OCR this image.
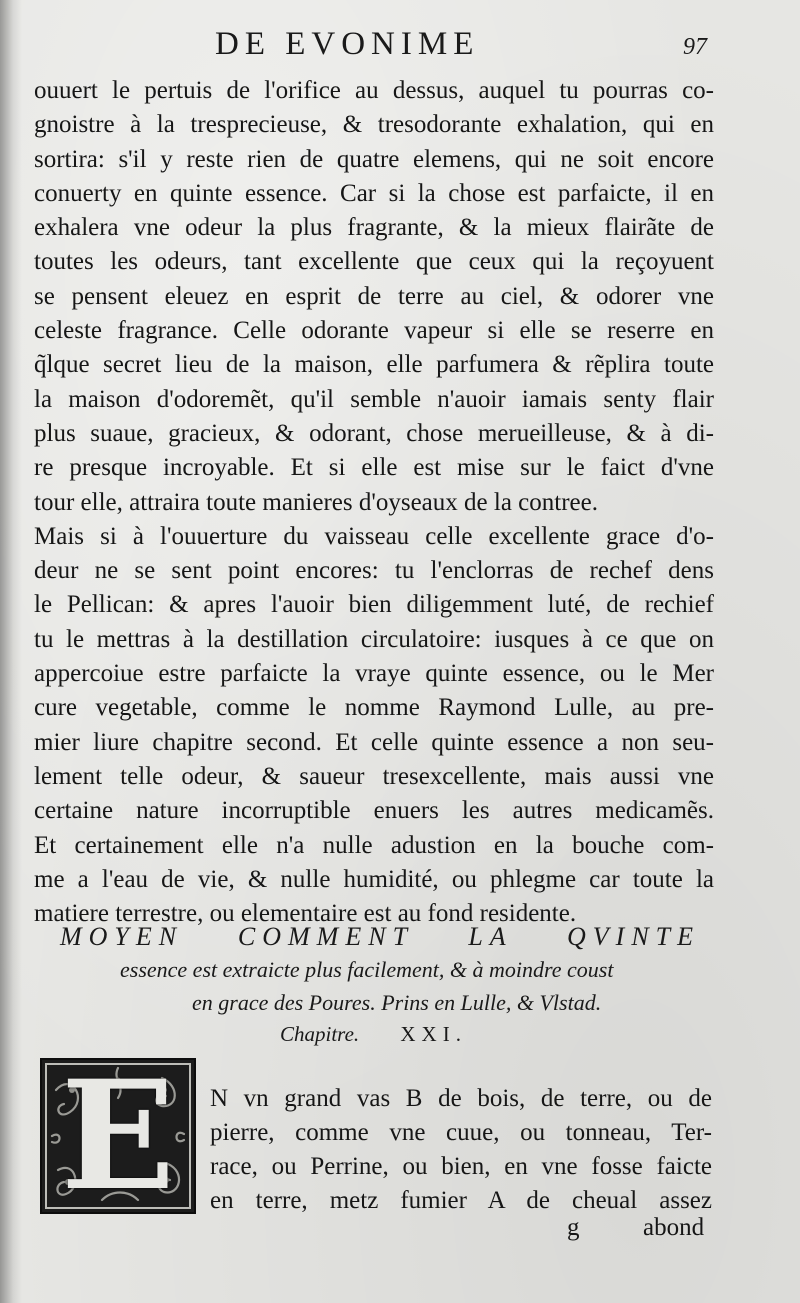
DE EVONIME	97
ouuert le pertuis de l'orifice au dessus, auquel tu pourras co-
gnoistre à la tresprecieuse, & tresodorante exhalation, qui en
sortira: s'il y reste rien de quatre elemens, qui ne soit encore
conuerty en quinte essence. Car si la chose est parfaicte, il en
exhalera vne odeur la plus fragrante, & la mieux flairãte de
toutes les odeurs, tant excellente que ceux qui la reçoyuent
se pensent eleuez en esprit de terre au ciel, & odorer vne
celeste fragrance. Celle odorante vapeur si elle se reserre en
q̃lque secret lieu de la maison, elle parfumera & rẽplira toute
la maison d'odoremẽt, qu'il semble n'auoir iamais senty flair
plus suaue, gracieux, & odorant, chose merueilleuse, & à di-
re presque incroyable. Et si elle est mise sur le faict d'vne
tour elle, attraira toute manieres d'oyseaux de la contree.
Mais si à l'ouuerture du vaisseau celle excellente grace d'o-
deur ne se sent point encores: tu l'enclorras de rechef dens
le Pellican: & apres l'auoir bien diligemment luté, de rechief
tu le mettras à la destillation circulatoire: iusques à ce que on
appercoiue estre parfaicte la vraye quinte essence, ou le Mer
cure vegetable, comme le nomme Raymond Lulle, au pre-
mier liure chapitre second. Et celle quinte essence a non seu-
lement telle odeur, & saueur tresexcellente, mais aussi vne
certaine nature incorruptible enuers les autres medicamẽs.
Et certainement elle n'a nulle adustion en la bouche com-
me a l'eau de vie, & nulle humidité, ou phlegme car toute la
matiere terrestre, ou elementaire est au fond residente.
MOYEN COMMENT LA QVINTE
essence est extraicte plus facilement, & à moindre coust
en grace des Poures. Prins en Lulle, & Vlstad.
Chapitre. XXI.
E	N vn grand vas B de bois, de terre, ou de
pierre, comme vne cuue, ou tonneau, Ter-
race, ou Perrine, ou bien, en vne fosse faicte
en terre, metz fumier A de cheual assez
g	abond
